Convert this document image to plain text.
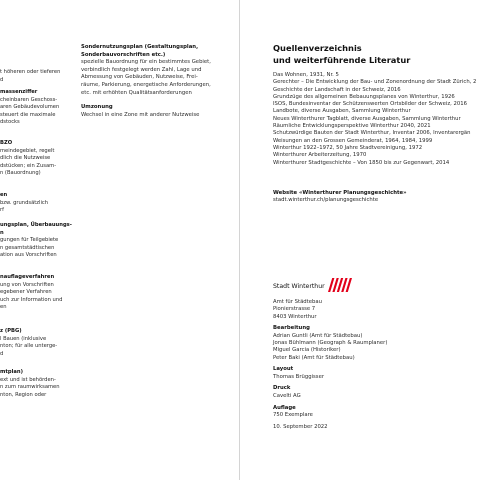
t höheren oder tieferen
d
massenziffer
cheinbaren Geschoss-
aren Gebäudevolumen
steuert die maximale
dstocks
BZO
meindegebiet, regelt
dlich die Nutzweise
dstücken; ein Zusam-
n (Bauordnung)
en
bzw. grundsätzlich
rf
ungsplan, Überbauungs-
n
gungen für Teilgebiete
n gesamtstädtischen
ation aus Vorschriften
nauflageverfahren
ung von Vorschriften
egebener Verfahren
uch zur Information und
en
z (PBG)
l Bauen (inklusive
nton; für alle unterge-
d
mtplan)
ext und ist behörden-
n zum raumwirksamen
nton, Region oder
Sondernutzungsplan (Gestaltungsplan,
Sonderbauvorschriften etc.)
spezielle Bauordnung für ein bestimmtes Gebiet,
verbindlich festgelegt werden Zahl, Lage und
Abmessung von Gebäuden, Nutzweise, Frei-
räume, Parkierung, energetische Anforderungen,
etc. mit erhöhten Qualitätsanforderungen
Umzonung
Wechsel in eine Zone mit anderer Nutzweise
Quellenverzeichnis
und weiterführende Literatur
Das Wohnen, 1931, Nr. 5
Gerechter – Die Entwicklung der Bau- und Zonenordnung der Stadt Zürich, 2
Geschichte der Landschaft in der Schweiz, 2016
Grundzüge des allgemeinen Bebauungsplanes von Winterthur, 1926
ISOS, Bundesinventar der Schützenswerten Ortsbilder der Schweiz, 2016
Landbote, diverse Ausgaben, Sammlung Winterthur
Neues Winterthurer Tagblatt, diverse Ausgaben, Sammlung Winterthur
Räumliche Entwicklungsperspektive Winterthur 2040, 2021
Schutzwürdige Bauten der Stadt Winterthur, Inventar 2006, Inventarergän
Weisungen an den Grossen Gemeinderat, 1964, 1984, 1999
Winterthur 1922–1972, 50 Jahre Stadtvereinigung, 1972
Winterthurer Arbeiterzeitung, 1970
Winterthurer Stadtgeschichte – Von 1850 bis zur Gegenwart, 2014
Website «Winterthurer Planungsgeschichte»
stadt.winterthur.ch/planungsgeschichte
Stadt Winterthur
Amt für Städtebau
Pionierstrasse 7
8403 Winterthur
Bearbeitung
Adrian Guntli (Amt für Städtebau)
Jonas Bühlmann (Geograph & Raumplaner)
Miguel Garcia (Historiker)
Peter Baki (Amt für Städtebau)
Layout
Thomas Brüggisser
Druck
Cavelti AG
Auflage
750 Exemplare
10. September 2022
